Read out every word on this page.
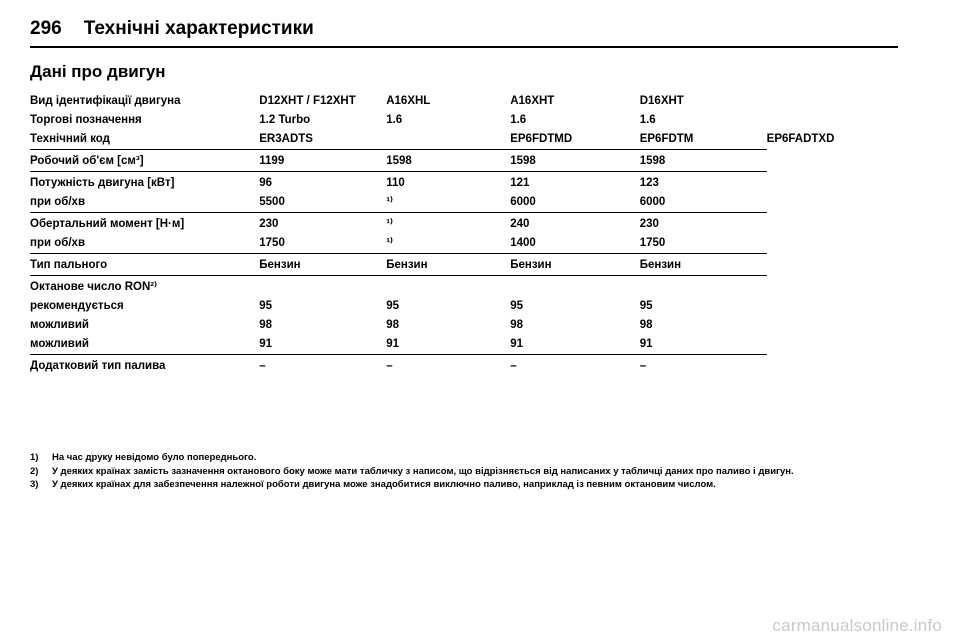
296 Технічні характеристики
Дані про двигун
Вид ідентифікації двигуна	D12XHT / F12XHT	A16XHL	A16XHT	D16XHT	
Торгові позначення	1.2 Turbo	1.6	1.6	1.6	
Технічний код	ER3ADTS		EP6FDTMD	EP6FDTM	EP6FADTXD
Робочий об'єм [см³]	1199	1598	1598	1598	
Потужність двигуна [кВт]	96	110	121	123	
при об/хв	5500	¹⁾	6000	6000	
Обертальний момент [Н·м]	230	¹⁾	240	230	
при об/хв	1750	¹⁾	1400	1750	
Тип пального	Бензин	Бензин	Бензин	Бензин	
Октанове число RON²⁾					
рекомендується	95	95	95	95	
можливий	98	98	98	98	
можливий	91	91	91	91	
Додатковий тип палива	–	–	–	–	
1)	На час друку невідомо було попереднього.
2)	У деяких країнах замість зазначення октанового боку може мати табличку з написом, що відрізняється від написаних у табличці даних про паливо і двигун.
3)	У деяких країнах для забезпечення належної роботи двигуна може знадобитися виключно паливо, наприклад із певним октановим числом.
carmanualsonline.info
